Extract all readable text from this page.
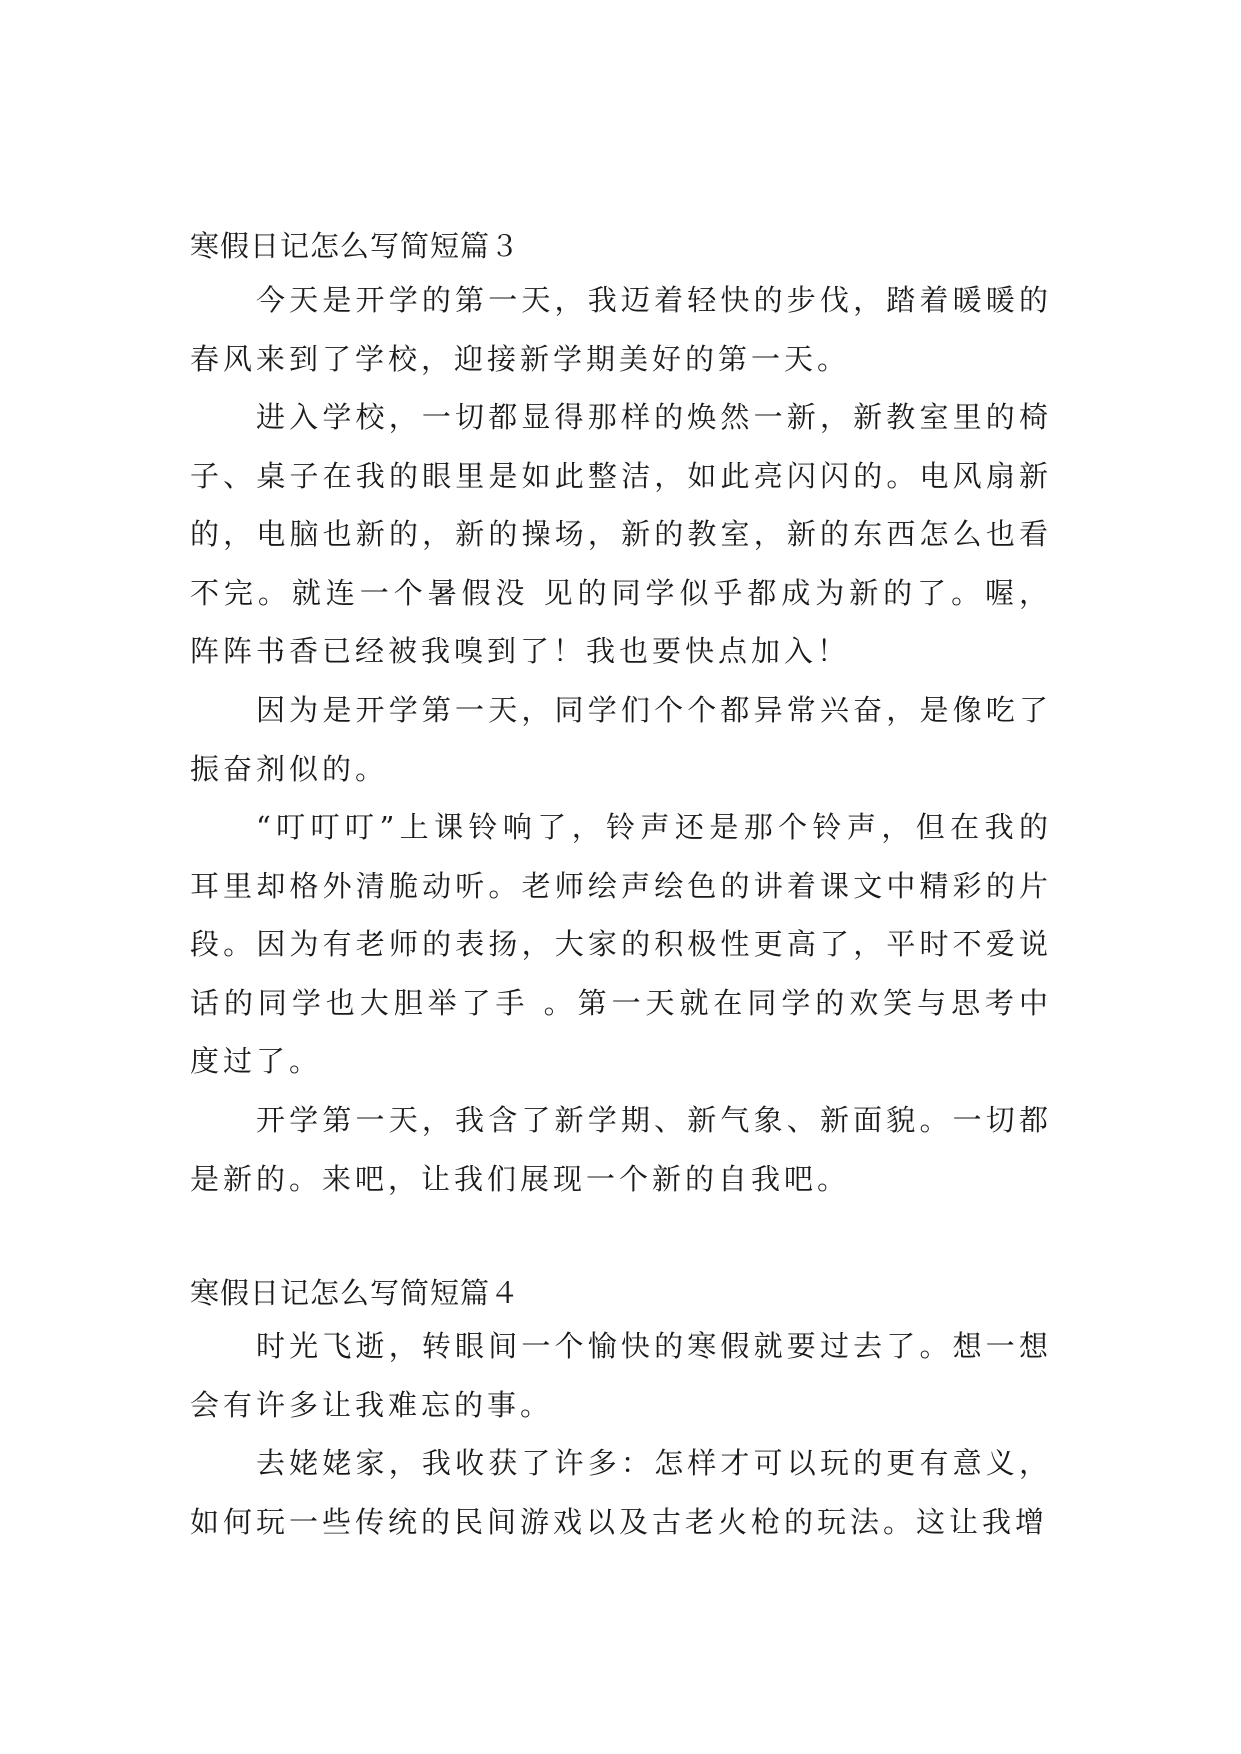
寒假日记怎么写简短篇３

今天是开学的第一天，我迈着轻快的步伐，踏着暖暖的春风来到了学校，迎接新学期美好的第一天。

进入学校，一切都显得那样的焕然一新，新教室里的椅子、桌子在我的眼里是如此整洁，如此亮闪闪的。电风扇新的，电脑也新的，新的操场，新的教室，新的东西怎么也看不完。就连一个暑假没 见的同学似乎都成为新的了。喔，阵阵书香已经被我嗅到了！我也要快点加入！

因为是开学第一天，同学们个个都异常兴奋，是像吃了振奋剂似的。

“叮叮叮”上课铃响了，铃声还是那个铃声，但在我的耳里却格外清脆动听。老师绘声绘色的讲着课文中精彩的片段。因为有老师的表扬，大家的积极性更高了，平时不爱说话的同学也大胆举了手 。第一天就在同学的欢笑与思考中度过了。

开学第一天，我含了新学期、新气象、新面貌。一切都是新的。来吧，让我们展现一个新的自我吧。

寒假日记怎么写简短篇４

时光飞逝，转眼间一个愉快的寒假就要过去了。想一想会有许多让我难忘的事。

去姥姥家，我收获了许多：怎样才可以玩的更有意义，如何玩一些传统的民间游戏以及古老火枪的玩法。这让我增
